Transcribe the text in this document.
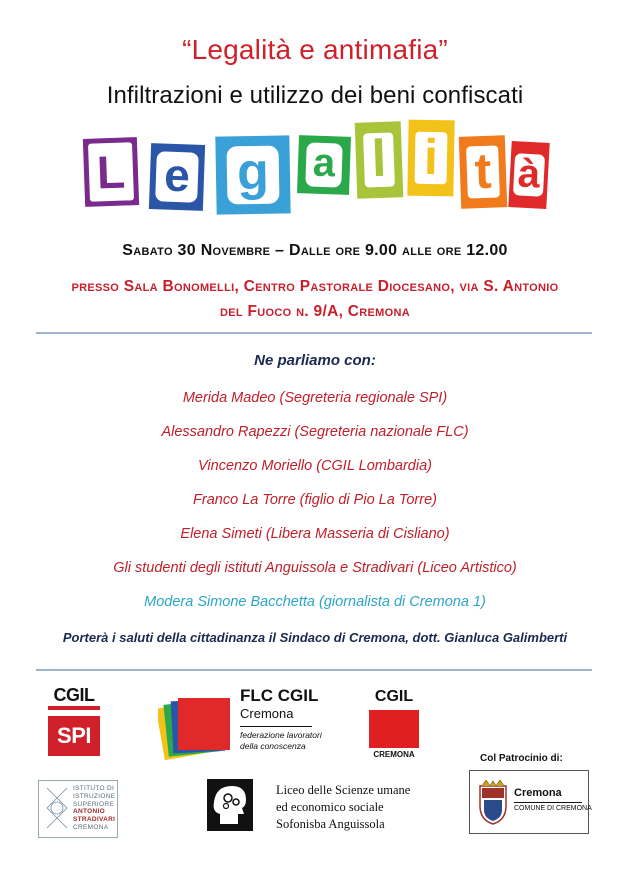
“Legalità e antimafia”
Infiltrazioni e utilizzo dei beni confiscati
L e g a l i t à
Sabato 30 Novembre – Dalle ore 9.00 alle ore 12.00
presso Sala Bonomelli, Centro Pastorale Diocesano, via S. Antonio
del Fuoco n. 9/A, Cremona
Ne parliamo con:
Merida Madeo (Segreteria regionale SPI)
Alessandro Rapezzi (Segreteria nazionale FLC)
Vincenzo Moriello (CGIL Lombardia)
Franco La Torre (figlio di Pio La Torre)
Elena Simeti (Libera Masseria di Cisliano)
Gli studenti degli istituti Anguissola e Stradivari (Liceo Artistico)
Modera Simone Bacchetta (giornalista di Cremona 1)
Porterà i saluti della cittadinanza il Sindaco di Cremona, dott. Gianluca Galimberti
CGIL
SPI
FLC CGIL
Cremona
federazione lavoratori
della conoscenza
CGIL
CREMONA	Col Patrocinio di:
Cremona
COMUNE DI CREMONA
ISTITUTO DI
ISTRUZIONE
SUPERIORE
ANTONIO
STRADIVARI
CREMONA
Liceo delle Scienze umane
ed economico sociale
Sofonisba Anguissola
